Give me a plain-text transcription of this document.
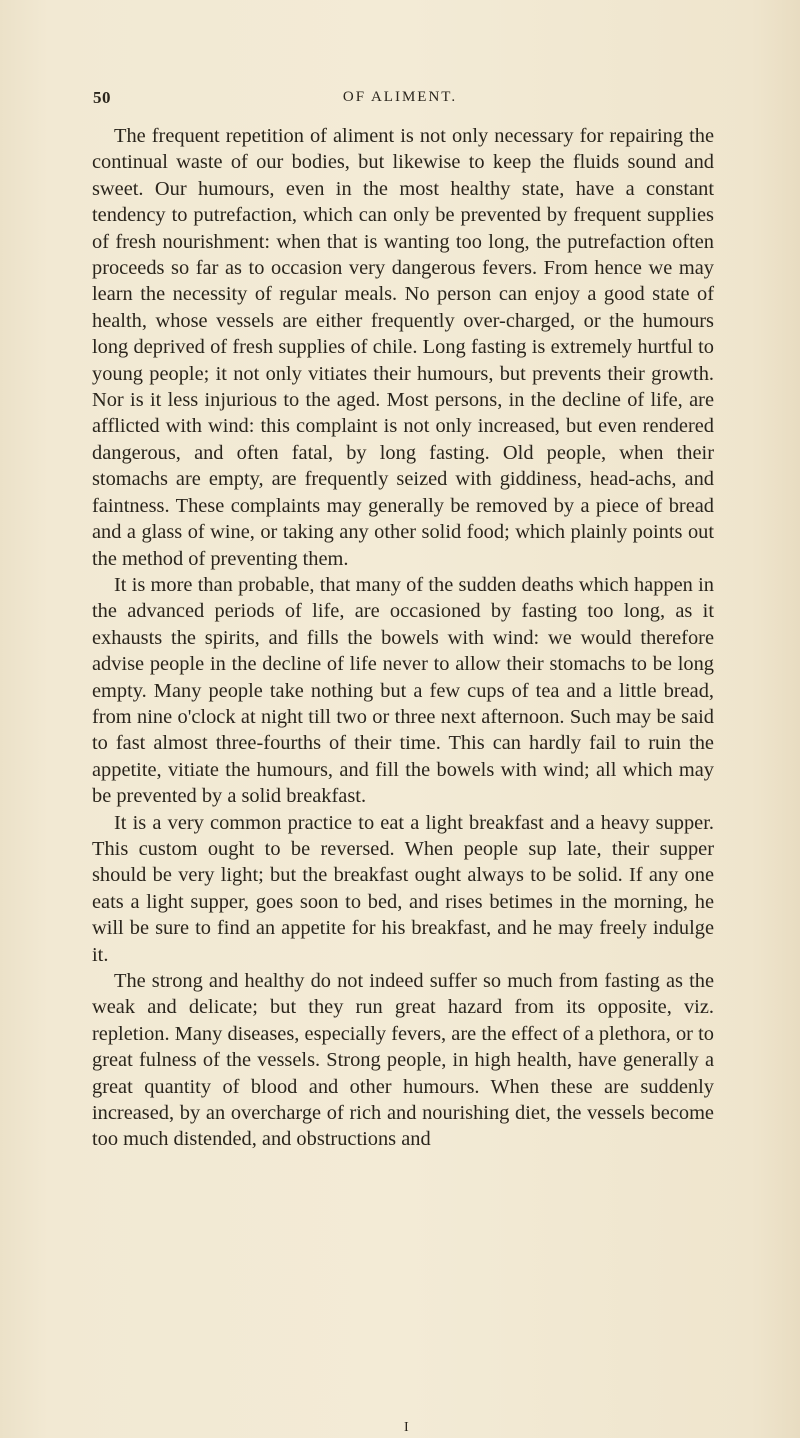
50	OF ALIMENT.

The frequent repetition of aliment is not only necessary for repairing the continual waste of our bodies, but likewise to keep the fluids sound and sweet. Our humours, even in the most healthy state, have a constant tendency to putrefaction, which can only be prevented by frequent supplies of fresh nourishment: when that is wanting too long, the putrefaction often proceeds so far as to occasion very dangerous fevers. From hence we may learn the necessity of regular meals. No person can enjoy a good state of health, whose vessels are either frequently over-charged, or the humours long deprived of fresh supplies of chile. Long fasting is extremely hurtful to young people; it not only vitiates their humours, but prevents their growth. Nor is it less injurious to the aged. Most persons, in the decline of life, are afflicted with wind: this complaint is not only increased, but even rendered dangerous, and often fatal, by long fasting. Old people, when their stomachs are empty, are frequently seized with giddiness, head-achs, and faintness. These complaints may generally be removed by a piece of bread and a glass of wine, or taking any other solid food; which plainly points out the method of preventing them.

It is more than probable, that many of the sudden deaths which happen in the advanced periods of life, are occasioned by fasting too long, as it exhausts the spirits, and fills the bowels with wind: we would therefore advise people in the decline of life never to allow their stomachs to be long empty. Many people take nothing but a few cups of tea and a little bread, from nine o'clock at night till two or three next afternoon. Such may be said to fast almost three-fourths of their time. This can hardly fail to ruin the appetite, vitiate the humours, and fill the bowels with wind; all which may be prevented by a solid breakfast.

It is a very common practice to eat a light breakfast and a heavy supper. This custom ought to be reversed. When people sup late, their supper should be very light; but the breakfast ought always to be solid. If any one eats a light supper, goes soon to bed, and rises betimes in the morning, he will be sure to find an appetite for his breakfast, and he may freely indulge it.

The strong and healthy do not indeed suffer so much from fasting as the weak and delicate; but they run great hazard from its opposite, viz. repletion. Many diseases, especially fevers, are the effect of a plethora, or to great fulness of the vessels. Strong people, in high health, have generally a great quantity of blood and other humours. When these are suddenly increased, by an overcharge of rich and nourishing diet, the vessels become too much distended, and obstructions and

I
